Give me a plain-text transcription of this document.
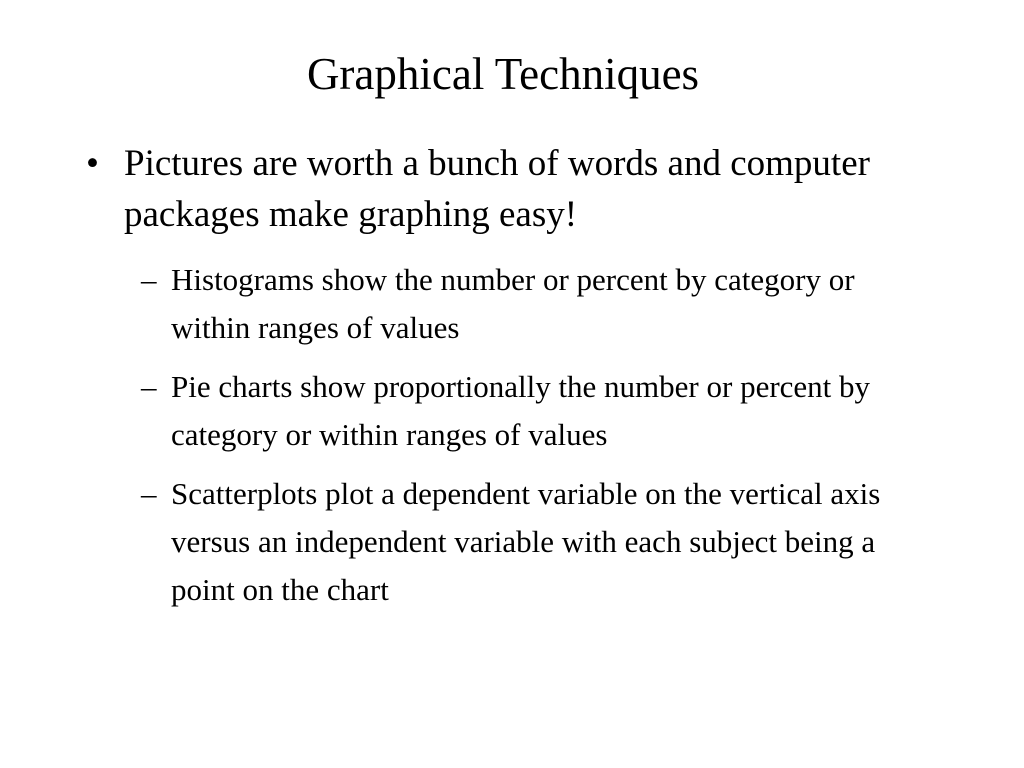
Graphical Techniques
• Pictures are worth a bunch of words and computer packages make graphing easy!
– Histograms show the number or percent by category or within ranges of values
– Pie charts show proportionally the number or percent by category or within ranges of values
– Scatterplots plot a dependent variable on the vertical axis versus an independent variable with each subject being a point on the chart
